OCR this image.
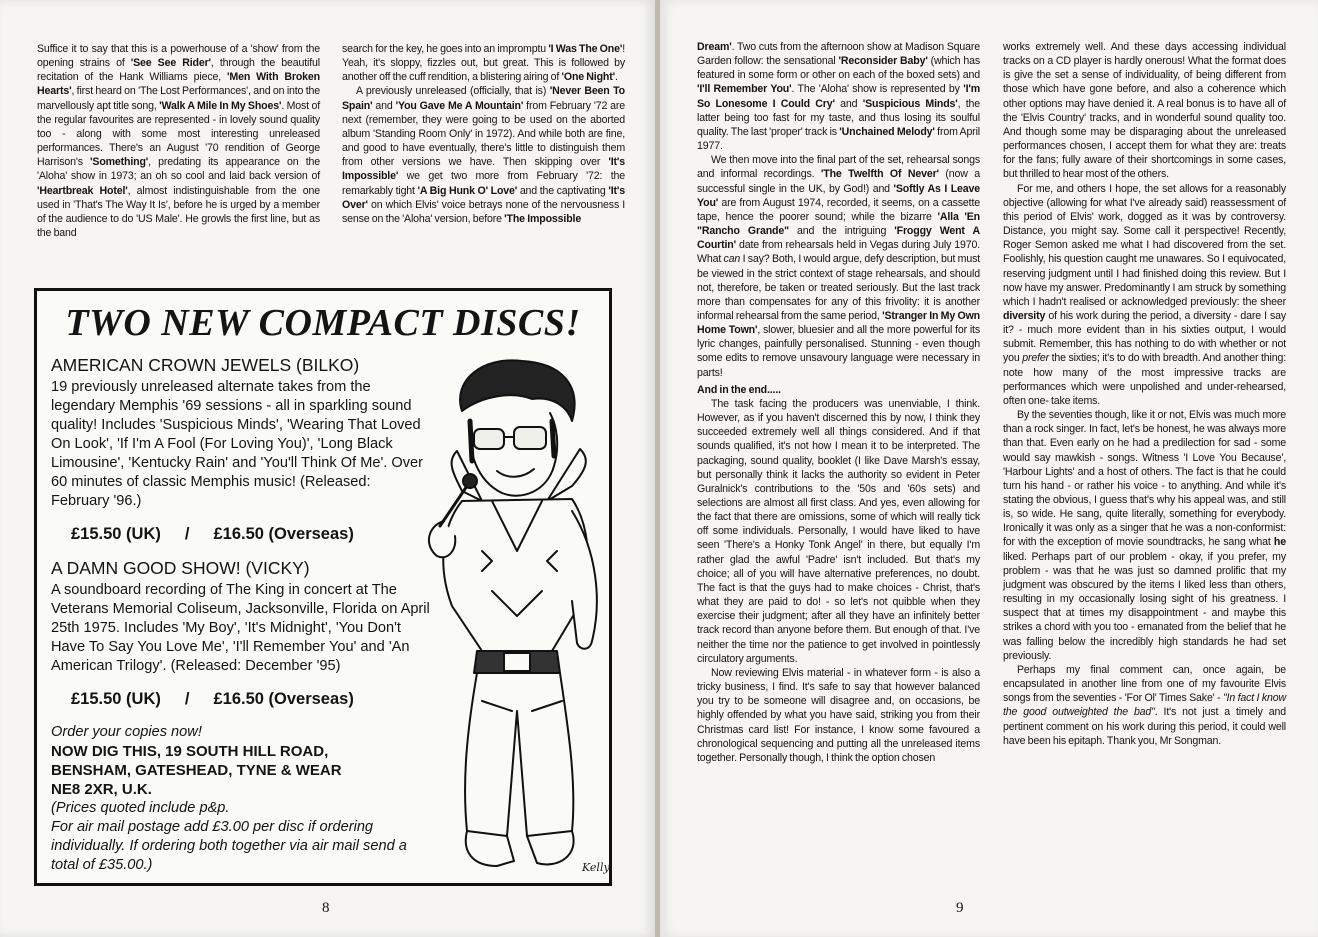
Suffice it to say that this is a powerhouse of a 'show' from the opening strains of 'See See Rider', through the beautiful recitation of the Hank Williams piece, 'Men With Broken Hearts', first heard on 'The Lost Performances', and on into the marvellously apt title song, 'Walk A Mile In My Shoes'. Most of the regular favourites are represented - in lovely sound quality too - along with some most interesting unreleased performances. There's an August '70 rendition of George Harrison's 'Something', predating its appearance on the 'Aloha' show in 1973; an oh so cool and laid back version of 'Heartbreak Hotel', almost indistinguishable from the one used in 'That's The Way It Is', before he is urged by a member of the audience to do 'US Male'. He growls the first line, but as the band

search for the key, he goes into an impromptu 'I Was The One'! Yeah, it's sloppy, fizzles out, but great. This is followed by another off the cuff rendition, a blistering airing of 'One Night'.

A previously unreleased (officially, that is) 'Never Been To Spain' and 'You Gave Me A Mountain' from February '72 are next (remember, they were going to be used on the aborted album 'Standing Room Only' in 1972). And while both are fine, and good to have eventually, there's little to distinguish them from other versions we have. Then skipping over 'It's Impossible' we get two more from February '72: the remarkably tight 'A Big Hunk O' Love' and the captivating 'It's Over' on which Elvis' voice betrays none of the nervousness I sense on the 'Aloha' version, before 'The Impossible

TWO NEW COMPACT DISCS!
AMERICAN CROWN JEWELS (BILKO)

19 previously unreleased alternate takes from the legendary Memphis '69 sessions - all in sparkling sound quality! Includes 'Suspicious Minds', 'Wearing That Loved On Look', 'If I'm A Fool (For Loving You)', 'Long Black Limousine', 'Kentucky Rain' and 'You'll Think Of Me'. Over 60 minutes of classic Memphis music! (Released: February '96.)

£15.50 (UK) / £16.50 (Overseas)
A DAMN GOOD SHOW! (VICKY)

A soundboard recording of The King in concert at The Veterans Memorial Coliseum, Jacksonville, Florida on April 25th 1975. Includes 'My Boy', 'It's Midnight', 'You Don't Have To Say You Love Me', 'I'll Remember You' and 'An American Trilogy'. (Released: December '95)

£15.50 (UK) / £16.50 (Overseas)

Order your copies now!

NOW DIG THIS, 19 SOUTH HILL ROAD,

BENSHAM, GATESHEAD, TYNE & WEAR

NE8 2XR, U.K.

(Prices quoted include p&p.

For air mail postage add £3.00 per disc if ordering individually. If ordering both together via air mail send a total of £35.00.)	Kelly
8

Dream'. Two cuts from the afternoon show at Madison Square Garden follow: the sensational 'Reconsider Baby' (which has featured in some form or other on each of the boxed sets) and 'I'll Remember You'. The 'Aloha' show is represented by 'I'm So Lonesome I Could Cry' and 'Suspicious Minds', the latter being too fast for my taste, and thus losing its soulful quality. The last 'proper' track is 'Unchained Melody' from April 1977.

We then move into the final part of the set, rehearsal songs and informal recordings. 'The Twelfth Of Never' (now a successful single in the UK, by God!) and 'Softly As I Leave You' are from August 1974, recorded, it seems, on a cassette tape, hence the poorer sound; while the bizarre 'Alla 'En "Rancho Grande" and the intriguing 'Froggy Went A Courtin' date from rehearsals held in Vegas during July 1970. What can I say? Both, I would argue, defy description, but must be viewed in the strict context of stage rehearsals, and should not, therefore, be taken or treated seriously. But the last track more than compensates for any of this frivolity: it is another informal rehearsal from the same period, 'Stranger In My Own Home Town', slower, bluesier and all the more powerful for its lyric changes, painfully personalised. Stunning - even though some edits to remove unsavoury language were necessary in parts!

And in the end.....

The task facing the producers was unenviable, I think. However, as if you haven't discerned this by now, I think they succeeded extremely well all things considered. And if that sounds qualified, it's not how I mean it to be interpreted. The packaging, sound quality, booklet (I like Dave Marsh's essay, but personally think it lacks the authority so evident in Peter Guralnick's contributions to the '50s and '60s sets) and selections are almost all first class. And yes, even allowing for the fact that there are omissions, some of which will really tick off some individuals. Personally, I would have liked to have seen 'There's a Honky Tonk Angel' in there, but equally I'm rather glad the awful 'Padre' isn't included. But that's my choice; all of you will have alternative preferences, no doubt. The fact is that the guys had to make choices - Christ, that's what they are paid to do! - so let's not quibble when they exercise their judgment; after all they have an infinitely better track record than anyone before them. But enough of that. I've neither the time nor the patience to get involved in pointlessly circulatory arguments.

Now reviewing Elvis material - in whatever form - is also a tricky business, I find. It's safe to say that however balanced you try to be someone will disagree and, on occasions, be highly offended by what you have said, striking you from their Christmas card list! For instance, I know some favoured a chronological sequencing and putting all the unreleased items together. Personally though, I think the option chosen

works extremely well. And these days accessing individual tracks on a CD player is hardly onerous! What the format does is give the set a sense of individuality, of being different from those which have gone before, and also a coherence which other options may have denied it. A real bonus is to have all of the 'Elvis Country' tracks, and in wonderful sound quality too. And though some may be disparaging about the unreleased performances chosen, I accept them for what they are: treats for the fans; fully aware of their shortcomings in some cases, but thrilled to hear most of the others.

For me, and others I hope, the set allows for a reasonably objective (allowing for what I've already said) reassessment of this period of Elvis' work, dogged as it was by controversy. Distance, you might say. Some call it perspective! Recently, Roger Semon asked me what I had discovered from the set. Foolishly, his question caught me unawares. So I equivocated, reserving judgment until I had finished doing this review. But I now have my answer. Predominantly I am struck by something which I hadn't realised or acknowledged previously: the sheer diversity of his work during the period, a diversity - dare I say it? - much more evident than in his sixties output, I would submit. Remember, this has nothing to do with whether or not you prefer the sixties; it's to do with breadth. And another thing: note how many of the most impressive tracks are performances which were unpolished and under-rehearsed, often one- take items.

By the seventies though, like it or not, Elvis was much more than a rock singer. In fact, let's be honest, he was always more than that. Even early on he had a predilection for sad - some would say mawkish - songs. Witness 'I Love You Because', 'Harbour Lights' and a host of others. The fact is that he could turn his hand - or rather his voice - to anything. And while it's stating the obvious, I guess that's why his appeal was, and still is, so wide. He sang, quite literally, something for everybody. Ironically it was only as a singer that he was a non-conformist: for with the exception of movie soundtracks, he sang what he liked. Perhaps part of our problem - okay, if you prefer, my problem - was that he was just so damned prolific that my judgment was obscured by the items I liked less than others, resulting in my occasionally losing sight of his greatness. I suspect that at times my disappointment - and maybe this strikes a chord with you too - emanated from the belief that he was falling below the incredibly high standards he had set previously.

Perhaps my final comment can, once again, be encapsulated in another line from one of my favourite Elvis songs from the seventies - 'For Ol' Times Sake' - "In fact I know the good outweighted the bad". It's not just a timely and pertinent comment on his work during this period, it could well have been his epitaph. Thank you, Mr Songman.

9
